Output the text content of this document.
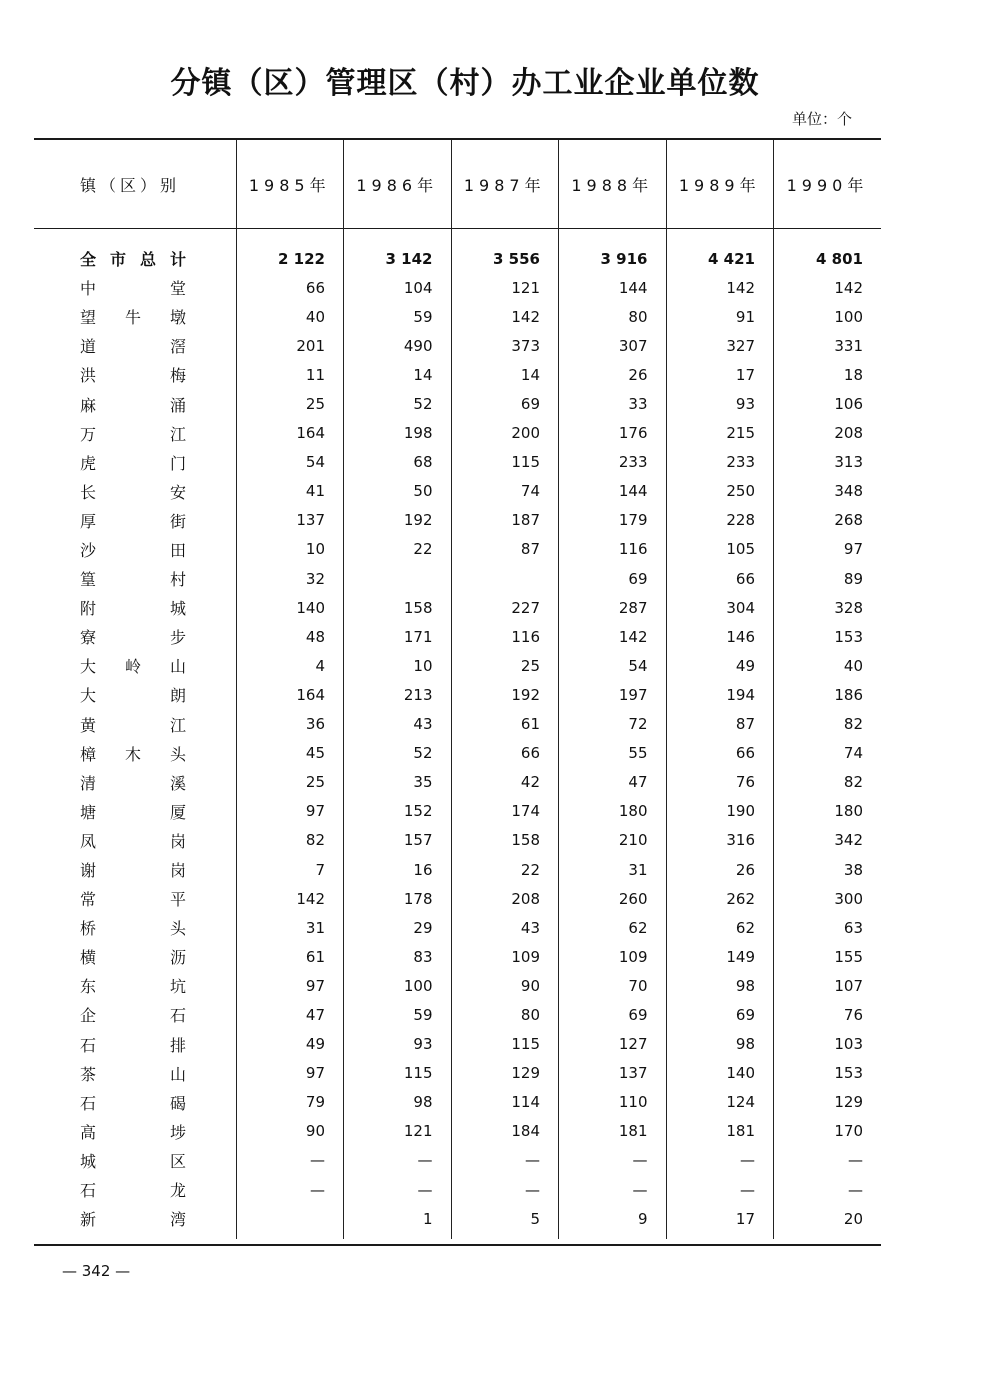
分镇（区）管理区（村）办工业企业单位数
单位：个
镇（区）别	1985年	1986年	1987年	1988年	1989年	1990年

全 市 总 计	2 122	3 142	3 556	3 916	4 421	4 801

中 堂	66	104	121	144	142	142

望 牛 墩	40	59	142	80	91	100

道 滘	201	490	373	307	327	331

洪 梅	11	14	14	26	17	18

麻 涌	25	52	69	33	93	106

万 江	164	198	200	176	215	208

虎 门	54	68	115	233	233	313

长 安	41	50	74	144	250	348

厚 街	137	192	187	179	228	268

沙 田	10	22	87	116	105	97

篁 村	32			69	66	89

附 城	140	158	227	287	304	328

寮 步	48	171	116	142	146	153

大 岭 山	4	10	25	54	49	40

大 朗	164	213	192	197	194	186

黄 江	36	43	61	72	87	82

樟 木 头	45	52	66	55	66	74

清 溪	25	35	42	47	76	82

塘 厦	97	152	174	180	190	180

凤 岗	82	157	158	210	316	342

谢 岗	7	16	22	31	26	38

常 平	142	178	208	260	262	300

桥 头	31	29	43	62	62	63

横 沥	61	83	109	109	149	155

东 坑	97	100	90	70	98	107

企 石	47	59	80	69	69	76

石 排	49	93	115	127	98	103

茶 山	97	115	129	137	140	153

石 碣	79	98	114	110	124	129

高 埗	90	121	184	181	181	170

城 区	—	—	—	—	—	—

石 龙	—	—	—	—	—	—

新 湾		1	5	9	17	20
— 342 —
